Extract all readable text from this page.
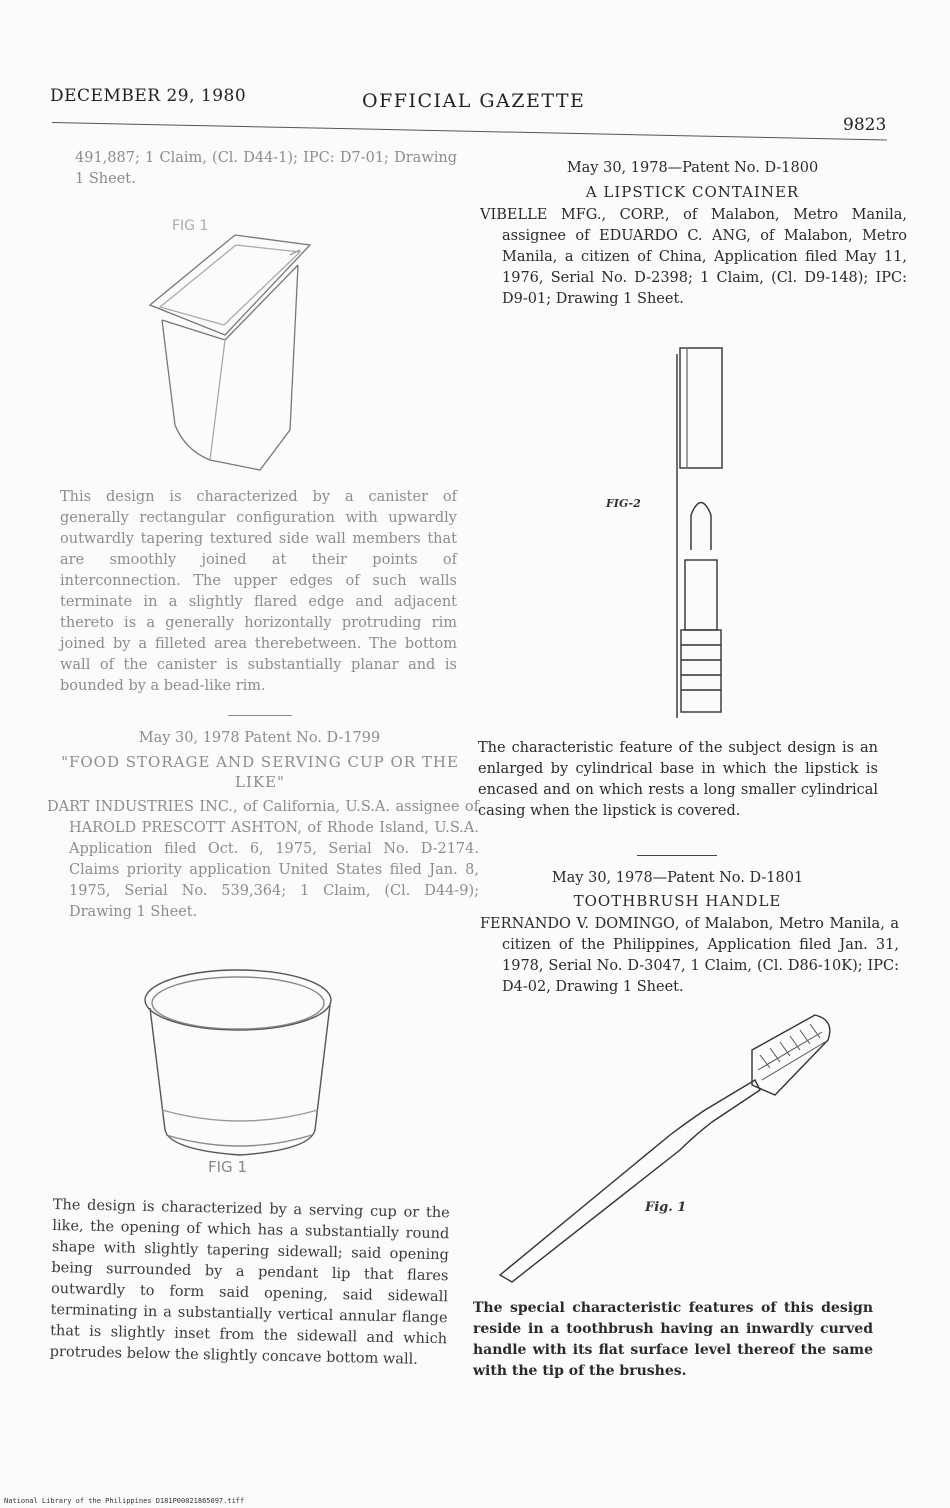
DECEMBER 29, 1980	OFFICIAL GAZETTE
9823
491,887; 1 Claim, (Cl. D44-1); IPC: D7-01; Drawing 1 Sheet.
FIG 1
This design is characterized by a canister of generally rectangular configuration with upwardly outwardly tapering textured side wall members that are smoothly joined at their points of interconnection. The upper edges of such walls terminate in a slightly flared edge and adjacent thereto is a generally horizontally protruding rim joined by a filleted area therebetween. The bottom wall of the canister is substantially planar and is bounded by a bead-like rim.
May 30, 1978 Patent No. D-1799
"FOOD STORAGE AND SERVING CUP OR THE LIKE"
DART INDUSTRIES INC., of California, U.S.A. assignee of HAROLD PRESCOTT ASHTON, of Rhode Island, U.S.A. Application filed Oct. 6, 1975, Serial No. D-2174. Claims priority application United States filed Jan. 8, 1975, Serial No. 539,364; 1 Claim, (Cl. D44-9); Drawing 1 Sheet.
FIG 1
The design is characterized by a serving cup or the like, the opening of which has a substantially round shape with slightly tapering sidewall; said opening being surrounded by a pendant lip that flares outwardly to form said opening, said sidewall terminating in a substantially vertical annular flange that is slightly inset from the sidewall and which protrudes below the slightly concave bottom wall.
May 30, 1978—Patent No. D-1800
A LIPSTICK CONTAINER
VIBELLE MFG., CORP., of Malabon, Metro Manila, assignee of EDUARDO C. ANG, of Malabon, Metro Manila, a citizen of China, Application filed May 11, 1976, Serial No. D-2398; 1 Claim, (Cl. D9-148); IPC: D9-01; Drawing 1 Sheet.
FIG-2
The characteristic feature of the subject design is an enlarged by cylindrical base in which the lipstick is encased and on which rests a long smaller cylindrical casing when the lipstick is covered.
May 30, 1978—Patent No. D-1801
TOOTHBRUSH HANDLE
FERNANDO V. DOMINGO, of Malabon, Metro Manila, a citizen of the Philippines, Application filed Jan. 31, 1978, Serial No. D-3047, 1 Claim, (Cl. D86-10K); IPC: D4-02, Drawing 1 Sheet.
Fig. 1
The special characteristic features of this design reside in a toothbrush having an inwardly curved handle with its flat surface level thereof the same with the tip of the brushes.
National Library of the Philippines D181P00021865097.tiff
